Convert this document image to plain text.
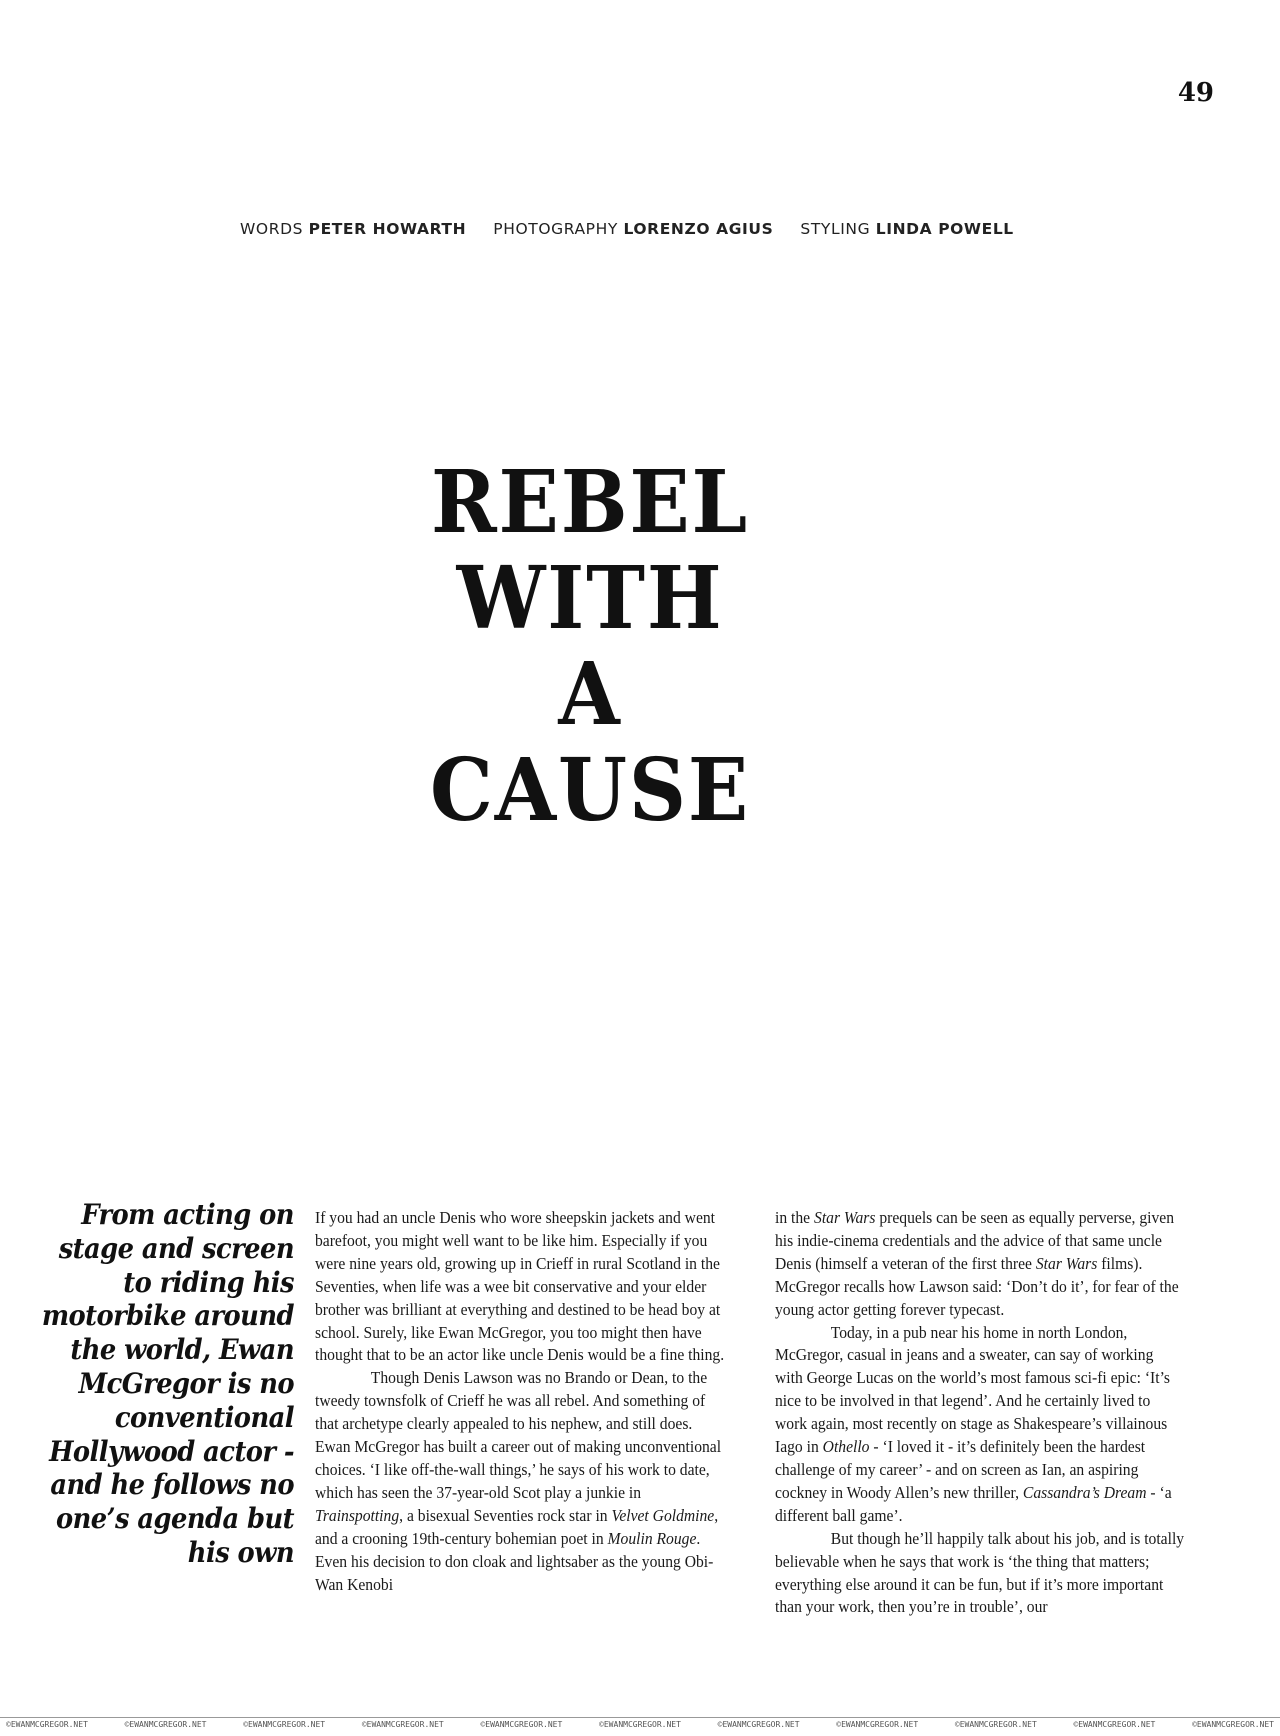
49
WORDS PETER HOWARTH PHOTOGRAPHY LORENZO AGIUS STYLING LINDA POWELL
REBEL
WITH
A
CAUSE
From acting on stage and screen to riding his motorbike around the world, Ewan McGregor is no conventional Hollywood actor - and he follows no one’s agenda but his own

If you had an uncle Denis who wore sheepskin jackets and went barefoot, you might well want to be like him. Especially if you were nine years old, growing up in Crieff in rural Scotland in the Seventies, when life was a wee bit conservative and your elder brother was brilliant at everything and destined to be head boy at school. Surely, like Ewan McGregor, you too might then have thought that to be an actor like uncle Denis would be a fine thing.

Though Denis Lawson was no Brando or Dean, to the tweedy townsfolk of Crieff he was all rebel. And something of that archetype clearly appealed to his nephew, and still does. Ewan McGregor has built a career out of making unconventional choices. ‘I like off-the-wall things,’ he says of his work to date, which has seen the 37-year-old Scot play a junkie in Trainspotting, a bisexual Seventies rock star in Velvet Goldmine, and a crooning 19th-century bohemian poet in Moulin Rouge. Even his decision to don cloak and lightsaber as the young Obi-Wan Kenobi

in the Star Wars prequels can be seen as equally perverse, given his indie-cinema credentials and the advice of that same uncle Denis (himself a veteran of the first three Star Wars films). McGregor recalls how Lawson said: ‘Don’t do it’, for fear of the young actor getting forever typecast.

Today, in a pub near his home in north London, McGregor, casual in jeans and a sweater, can say of working with George Lucas on the world’s most famous sci-fi epic: ‘It’s nice to be involved in that legend’. And he certainly lived to work again, most recently on stage as Shakespeare’s villainous Iago in Othello - ‘I loved it - it’s definitely been the hardest challenge of my career’ - and on screen as Ian, an aspiring cockney in Woody Allen’s new thriller, Cassandra’s Dream - ‘a different ball game’.

But though he’ll happily talk about his job, and is totally believable when he says that work is ‘the thing that matters; everything else around it can be fun, but if it’s more important than your work, then you’re in trouble’, our

©EWANMCGREGOR.NET	©EWANMCGREGOR.NET	©EWANMCGREGOR.NET	©EWANMCGREGOR.NET	©EWANMCGREGOR.NET	©EWANMCGREGOR.NET	©EWANMCGREGOR.NET	©EWANMCGREGOR.NET	©EWANMCGREGOR.NET	©EWANMCGREGOR.NET	©EWANMCGREGOR.NET
